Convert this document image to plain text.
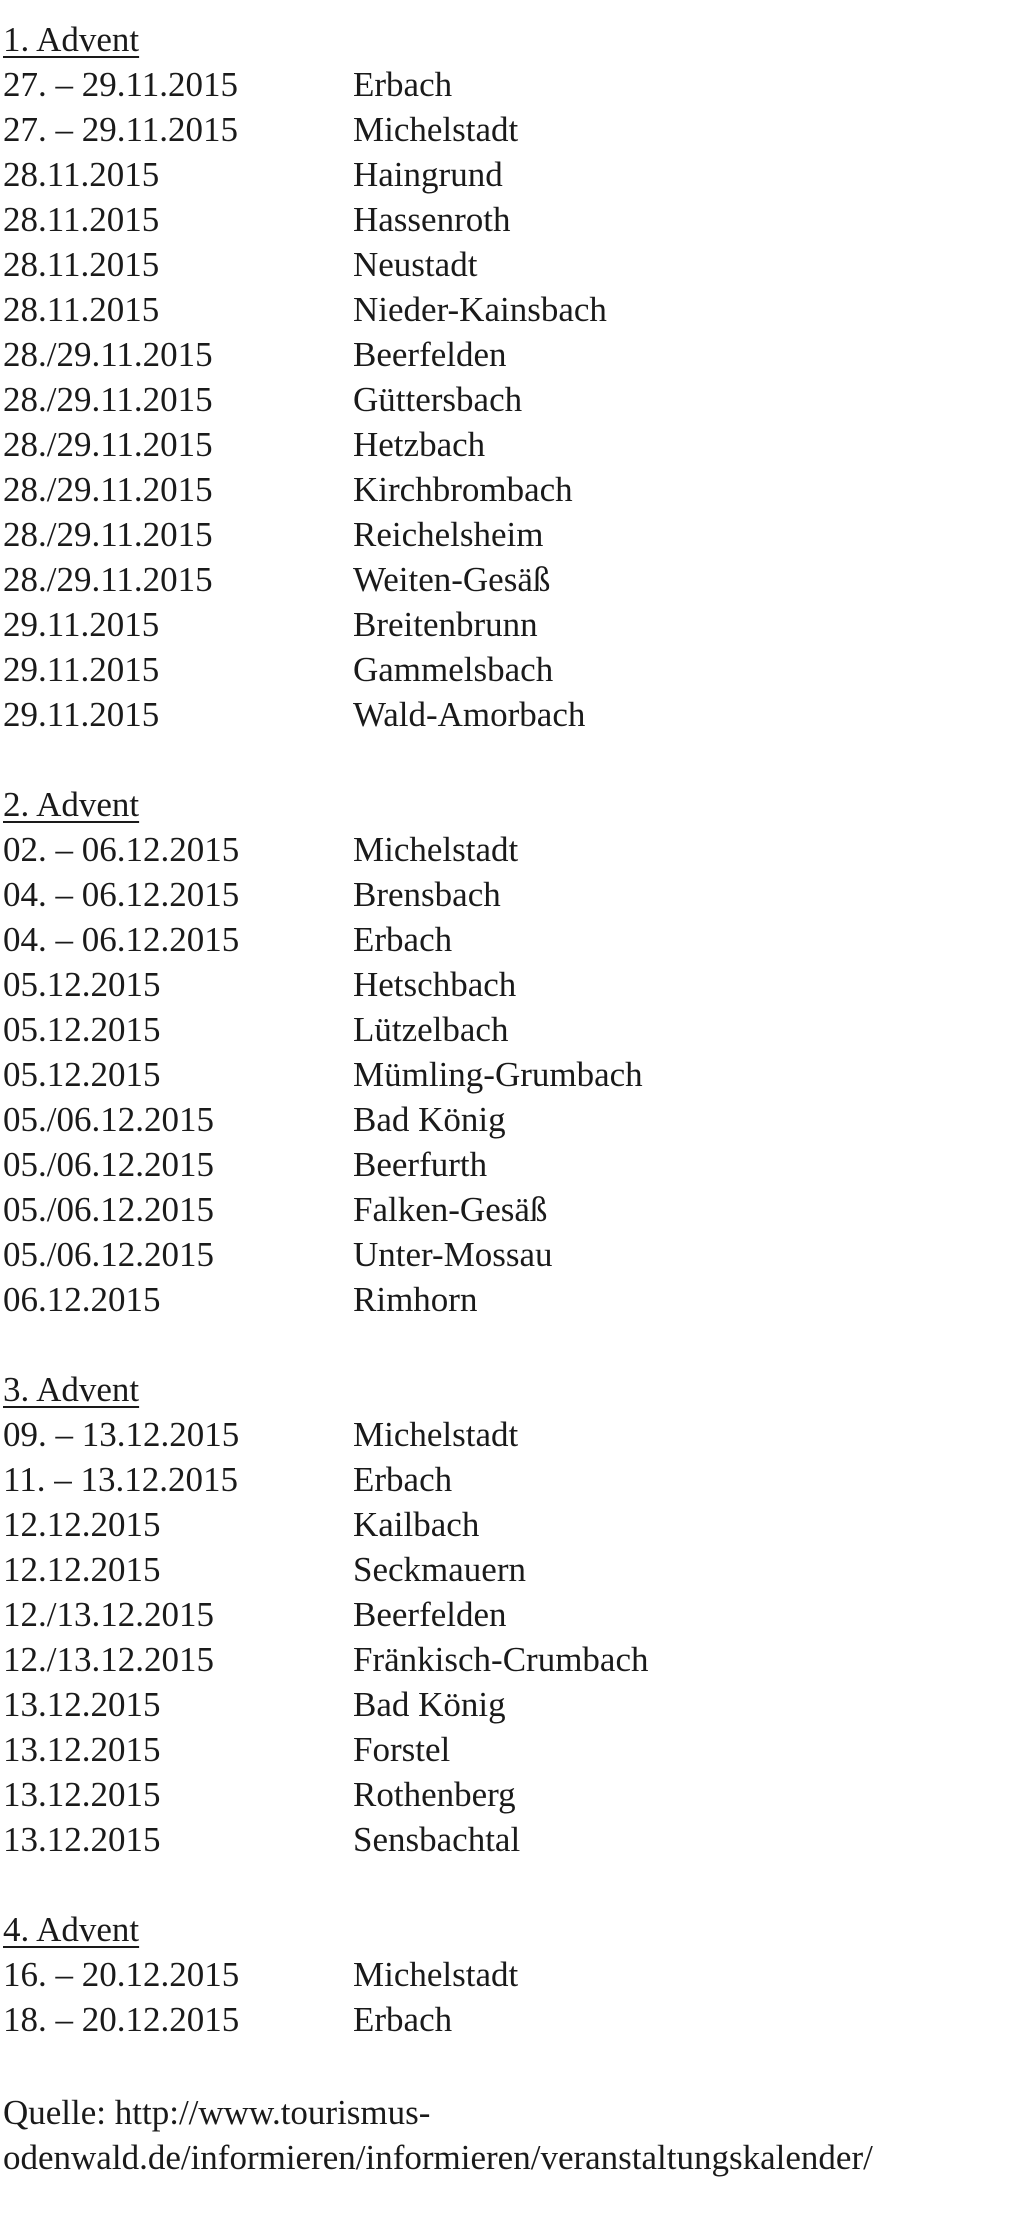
1. Advent
27. – 29.11.2015	Erbach
27. – 29.11.2015	Michelstadt
28.11.2015	Haingrund
28.11.2015	Hassenroth
28.11.2015	Neustadt
28.11.2015	Nieder-Kainsbach
28./29.11.2015	Beerfelden
28./29.11.2015	Güttersbach
28./29.11.2015	Hetzbach
28./29.11.2015	Kirchbrombach
28./29.11.2015	Reichelsheim
28./29.11.2015	Weiten-Gesäß
29.11.2015	Breitenbrunn
29.11.2015	Gammelsbach
29.11.2015	Wald-Amorbach
2. Advent
02. – 06.12.2015	Michelstadt
04. – 06.12.2015	Brensbach
04. – 06.12.2015	Erbach
05.12.2015	Hetschbach
05.12.2015	Lützelbach
05.12.2015	Mümling-Grumbach
05./06.12.2015	Bad König
05./06.12.2015	Beerfurth
05./06.12.2015	Falken-Gesäß
05./06.12.2015	Unter-Mossau
06.12.2015	Rimhorn
3. Advent
09. – 13.12.2015	Michelstadt
11. – 13.12.2015	Erbach
12.12.2015	Kailbach
12.12.2015	Seckmauern
12./13.12.2015	Beerfelden
12./13.12.2015	Fränkisch-Crumbach
13.12.2015	Bad König
13.12.2015	Forstel
13.12.2015	Rothenberg
13.12.2015	Sensbachtal
4. Advent
16. – 20.12.2015	Michelstadt
18. – 20.12.2015	Erbach
Quelle: http://www.tourismus-
odenwald.de/informieren/informieren/veranstaltungskalender/
